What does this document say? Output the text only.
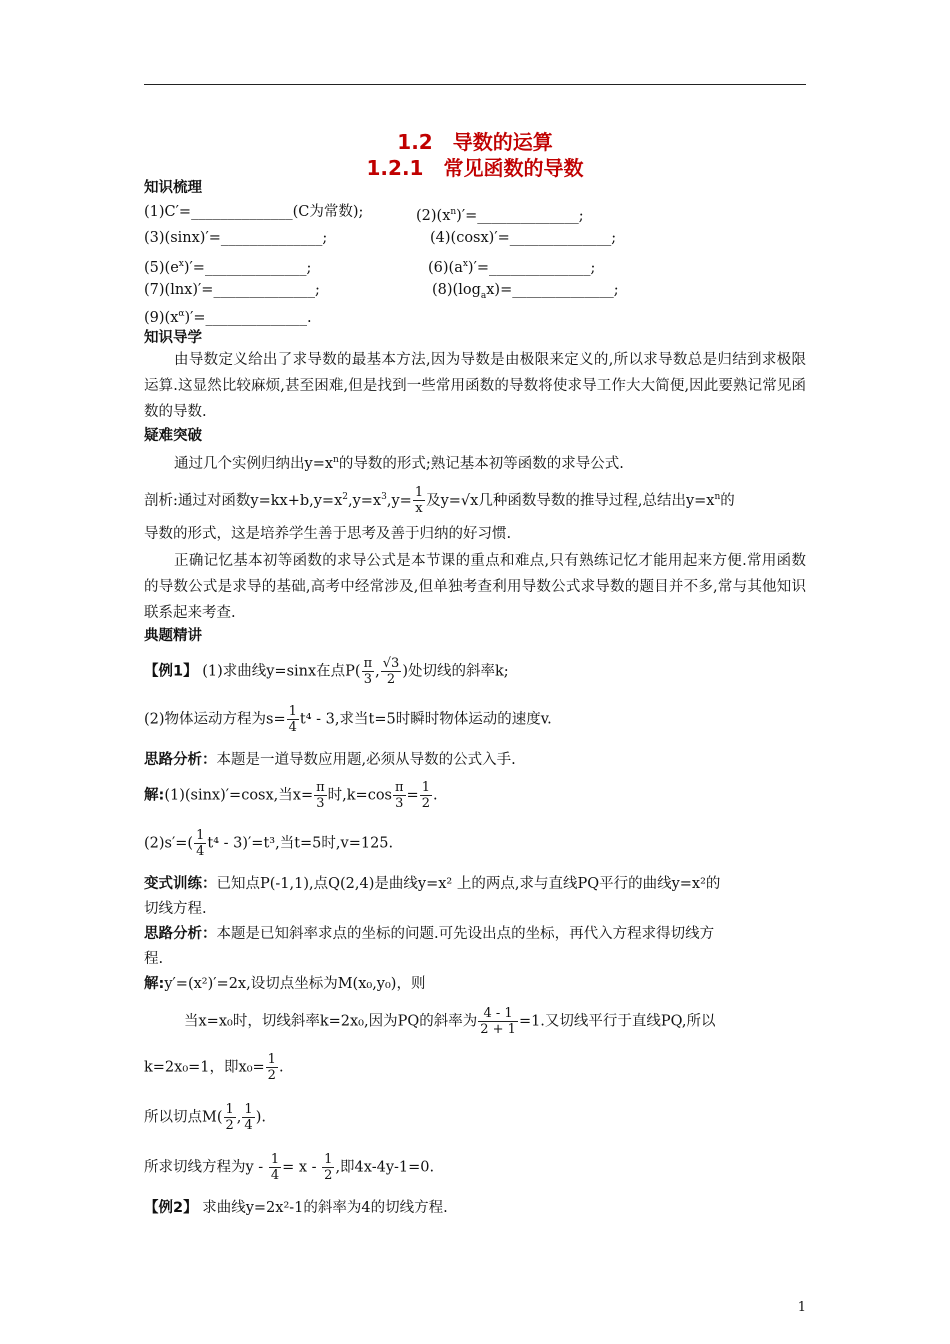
1.2　导数的运算
1.2.1　常见函数的导数
知识梳理
(1)C′=______________(C为常数);	$(2)(x^n)'=\_\_\_\_\_\_\_\_\_\_\_\_\_\_$;
(3)(sinx)′=______________;	(4)(cosx)′=______________;
$(5)(e^x)'=\_\_\_\_\_\_\_\_\_\_\_\_\_\_$;	$(6)(a^x)'=\_\_\_\_\_\_\_\_\_\_\_\_\_\_$;
(7)(lnx)′=______________;	$(8)(\log_ax)=\_\_\_\_\_\_\_\_\_\_\_\_\_\_$;
$(9)(x^\alpha)'=\_\_\_\_\_\_\_\_\_\_\_\_\_\_$.
知识导学
由导数定义给出了求导数的最基本方法,因为导数是由极限来定义的,所以求导数总是归结到求极限运算.这显然比较麻烦,甚至困难,但是找到一些常用函数的导数将使求导工作大大简便,因此要熟记常见函数的导数.
疑难突破
通过几个实例归纳出$y=x^n$的导数的形式;熟记基本初等函数的求导公式.
剖析:通过对函数$y=kx+b,y=x^2,y=x^3,y= \frac{1}{x}$ 及y=√x几种函数导数的推导过程,总结出$y=x^n$的
导数的形式，这是培养学生善于思考及善于归纳的好习惯.
正确记忆基本初等函数的求导公式是本节课的重点和难点,只有熟练记忆才能用起来方便.常用函数的导数公式是求导的基础,高考中经常涉及,但单独考查利用导数公式求导数的题目并不多,常与其他知识联系起来考查.
典题精讲
【例1】 (1)求曲线y=sinx在点$P( \frac{\pi}{3}$ , $\frac{√3}{2}$ )处切线的斜率k;
(2)物体运动方程为$s= \frac{1}{4} t^4 - 3$,求当t=5时瞬时物体运动的速度v.
思路分析：本题是一道导数应用题,必须从导数的公式入手.
解:(1)(sinx)′=cosx,当$x= \frac{\pi}{3}$ 时$,k=\cos \frac{\pi}{3} = \frac{1}{2}$ .
$(2)s'=( \frac{1}{4} t^4 - 3)'=t^3$,当t=5时,v=125.
变式训练：已知点P(-1,1),点Q(2,4)是曲线y=x² 上的两点,求与直线PQ平行的曲线y=x²的
切线方程.
思路分析：本题是已知斜率求点的坐标的问题.可先设出点的坐标，再代入方程求得切线方
程.
解:y′=(x²)′=2x,设切点坐标为M(x₀,y₀)，则
当x=x₀时，切线斜率k=2x₀,因为PQ的斜率为 $\frac{4 - 1}{2 + 1} =1$.又切线平行于直线PQ,所以
k=2x₀=1，即$x_0= \frac{1}{2}$ .
所以切点$M( \frac{1}{2}$ , $\frac{1}{4}$ ).
所求切线方程为$y - \frac{1}{4} = x - \frac{1}{2}$ ,即4x-4y-1=0.
【例2】 求曲线y=2x²-1的斜率为4的切线方程.
1
